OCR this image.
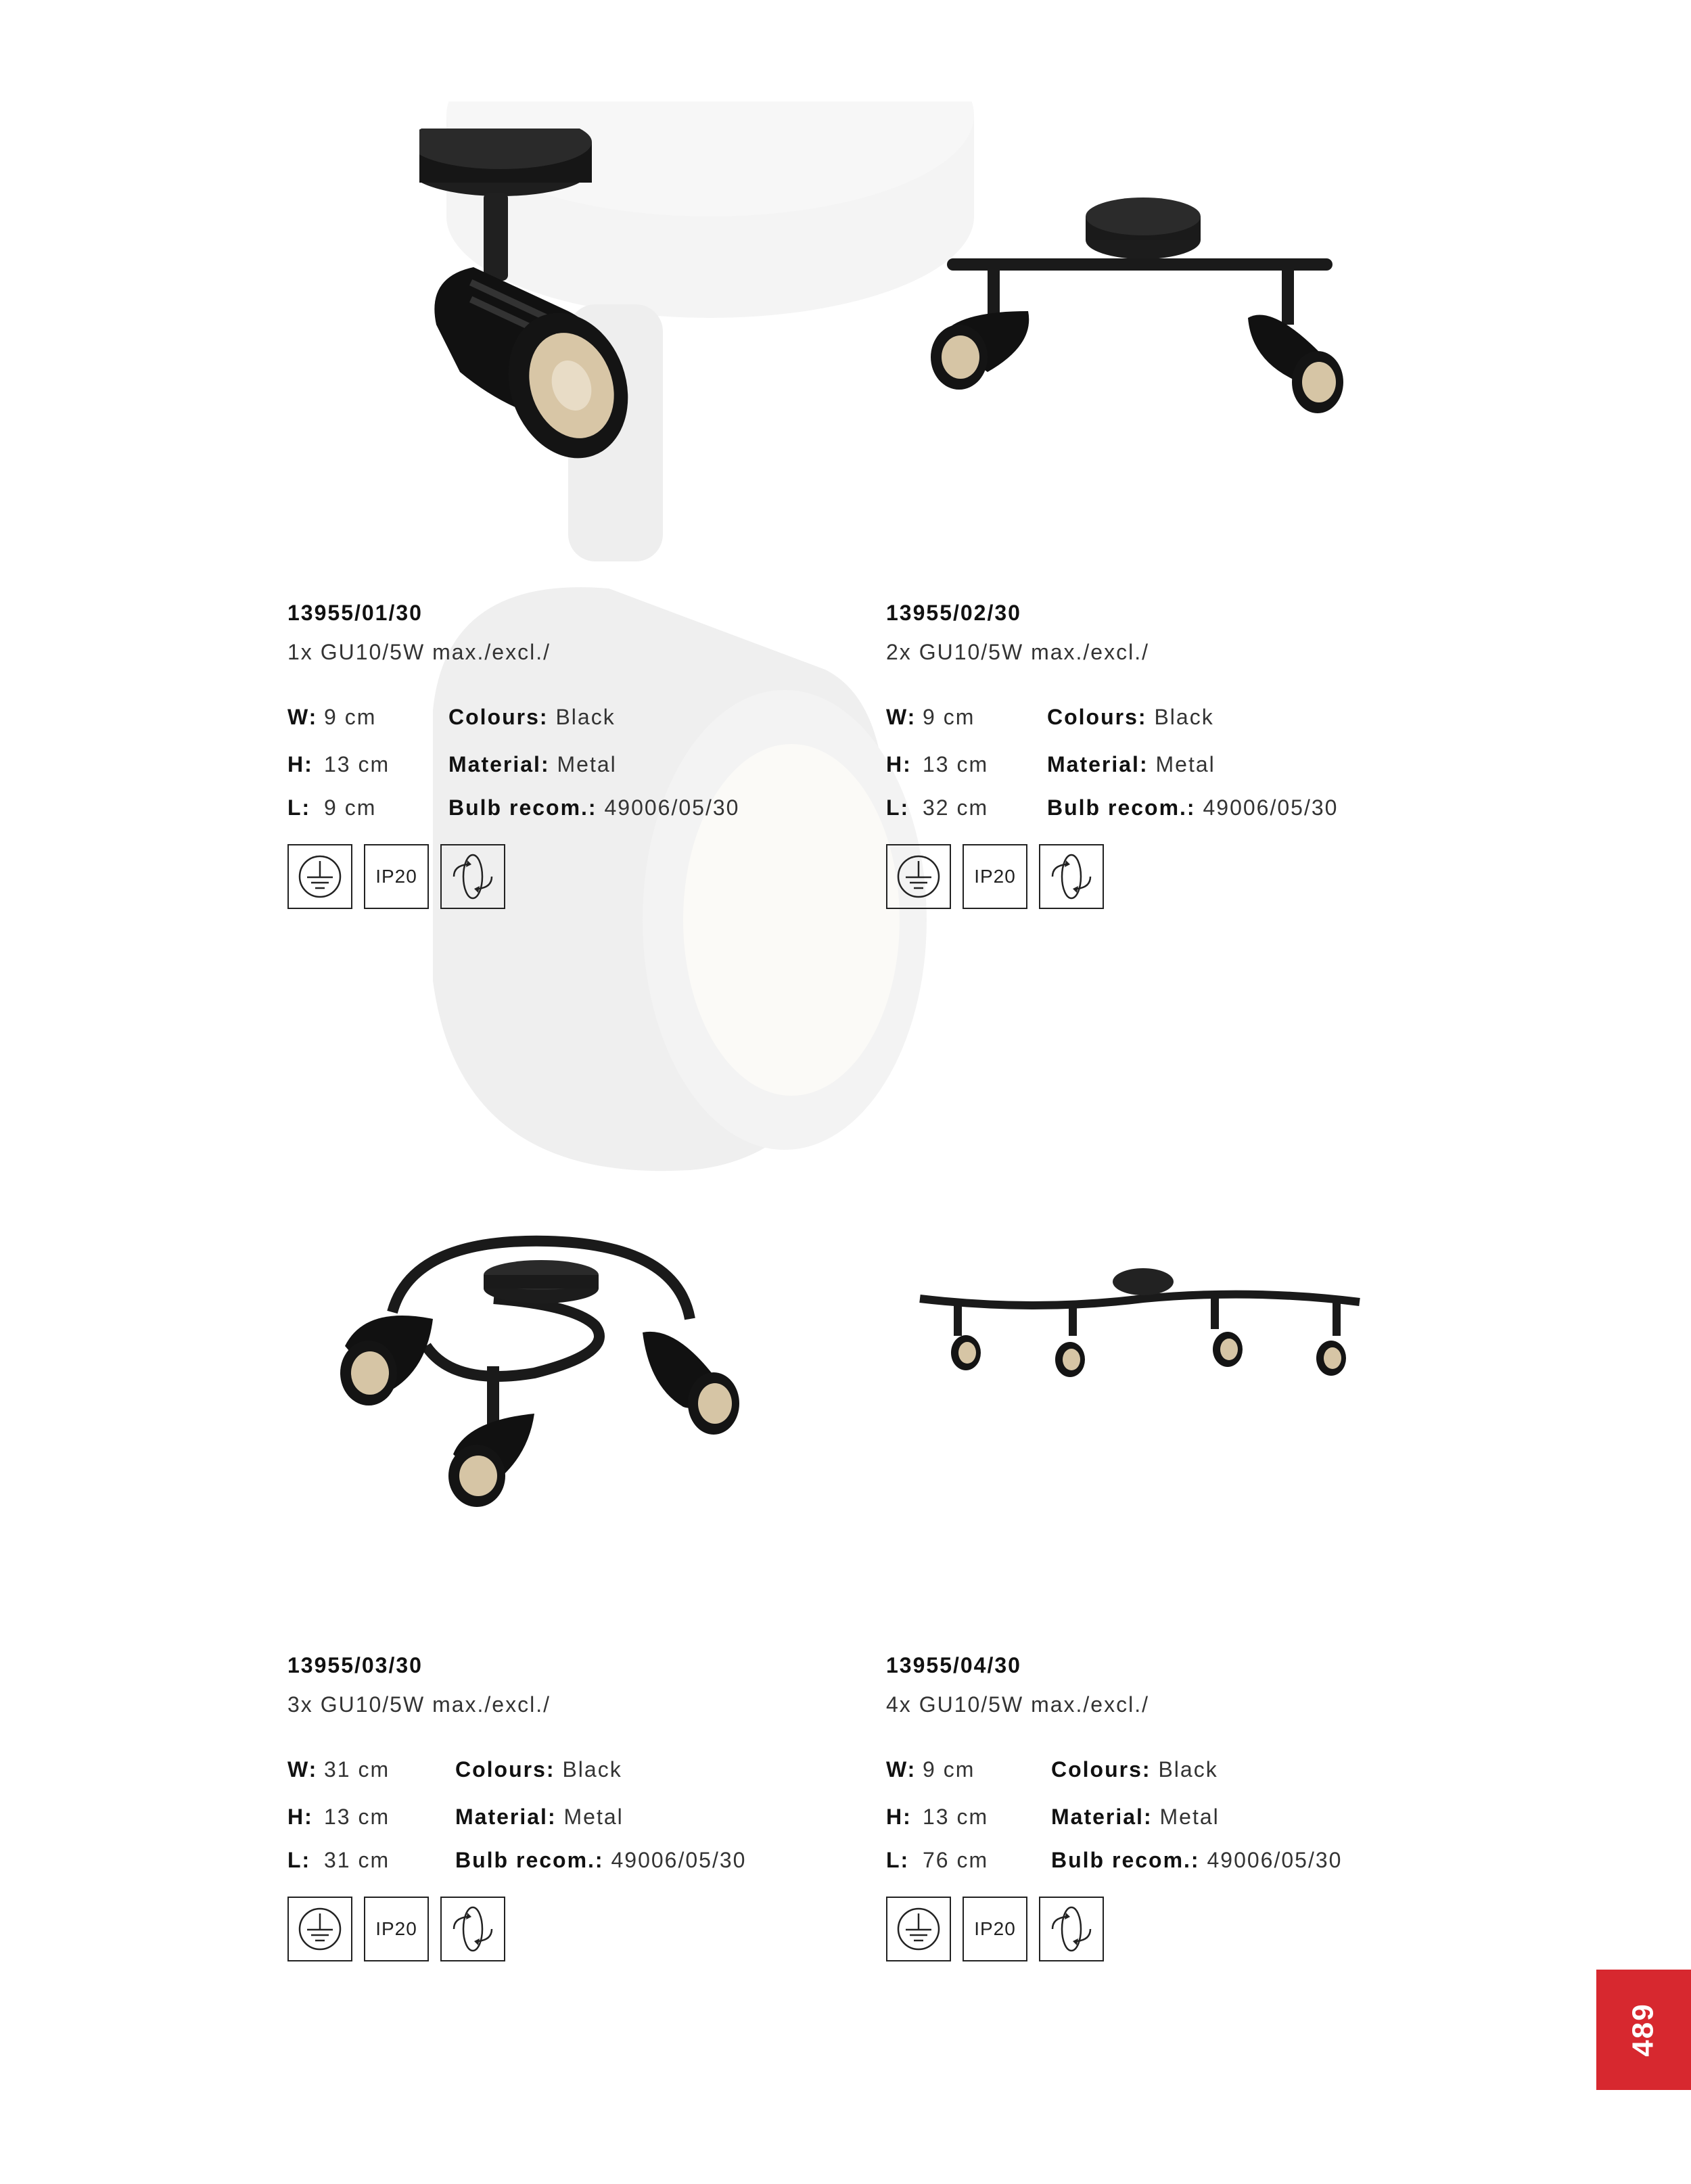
13955/01/30
1x GU10/5W max./excl./
W: 9 cm
H: 13 cm
L: 9 cm
Colours: Black
Material: Metal
Bulb recom.: 49006/05/30
IP20
13955/02/30
2x GU10/5W max./excl./
W: 9 cm
H: 13 cm
L: 32 cm
Colours: Black
Material: Metal
Bulb recom.: 49006/05/30
IP20
13955/03/30
3x GU10/5W max./excl./
W: 31 cm
H: 13 cm
L: 31 cm
Colours: Black
Material: Metal
Bulb recom.: 49006/05/30
IP20
13955/04/30
4x GU10/5W max./excl./
W: 9 cm
H: 13 cm
L: 76 cm
Colours: Black
Material: Metal
Bulb recom.: 49006/05/30
IP20
489
